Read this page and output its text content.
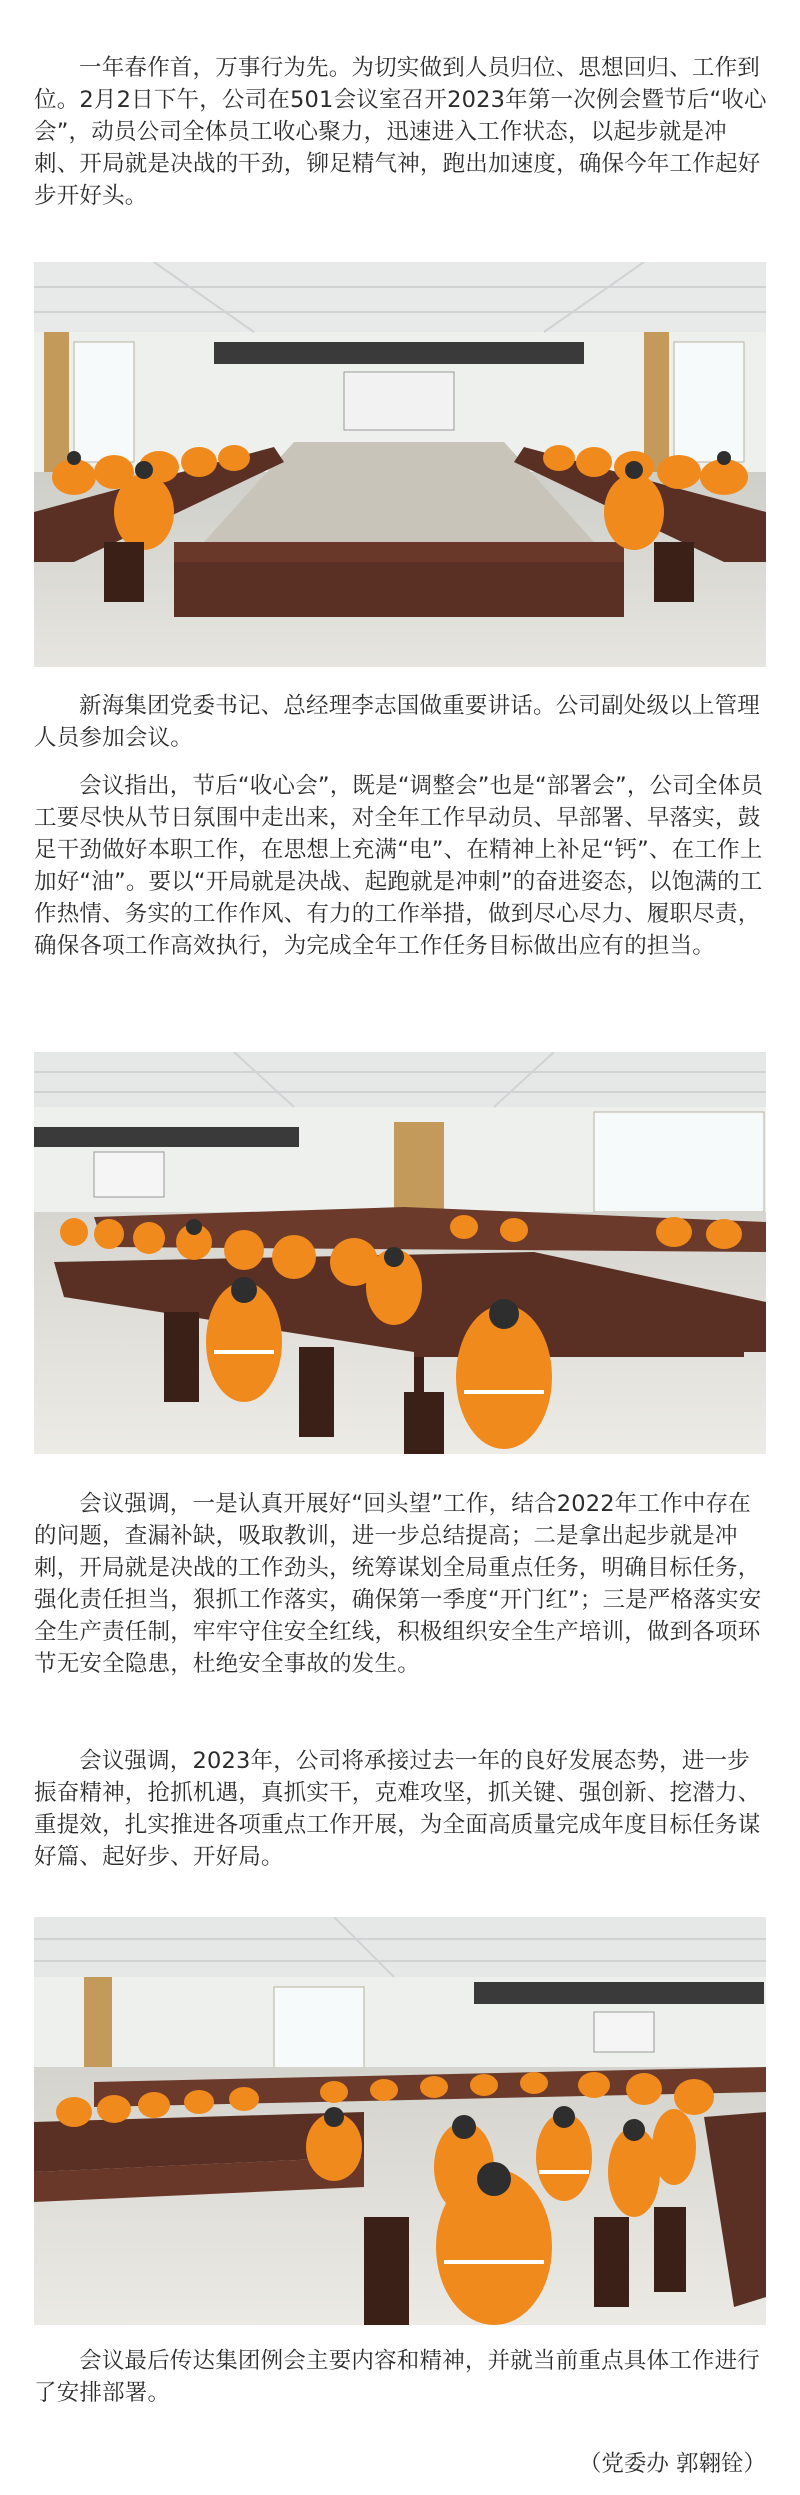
一年春作首，万事行为先。为切实做到人员归位、思想回归、工作到位。2月2日下午，公司在501会议室召开2023年第一次例会暨节后“收心会”，动员公司全体员工收心聚力，迅速进入工作状态，以起步就是冲刺、开局就是决战的干劲，铆足精气神，跑出加速度，确保今年工作起好步开好头。

新海集团党委书记、总经理李志国做重要讲话。公司副处级以上管理人员参加会议。

会议指出，节后“收心会”，既是“调整会”也是“部署会”，公司全体员工要尽快从节日氛围中走出来，对全年工作早动员、早部署、早落实，鼓足干劲做好本职工作，在思想上充满“电”、在精神上补足“钙”、在工作上加好“油”。要以“开局就是决战、起跑就是冲刺”的奋进姿态，以饱满的工作热情、务实的工作作风、有力的工作举措，做到尽心尽力、履职尽责，确保各项工作高效执行，为完成全年工作任务目标做出应有的担当。

会议强调，一是认真开展好“回头望”工作，结合2022年工作中存在的问题，查漏补缺，吸取教训，进一步总结提高；二是拿出起步就是冲刺，开局就是决战的工作劲头，统筹谋划全局重点任务，明确目标任务，强化责任担当，狠抓工作落实，确保第一季度“开门红”；三是严格落实安全生产责任制，牢牢守住安全红线，积极组织安全生产培训，做到各项环节无安全隐患，杜绝安全事故的发生。

会议强调，2023年，公司将承接过去一年的良好发展态势，进一步振奋精神，抢抓机遇，真抓实干，克难攻坚，抓关键、强创新、挖潜力、重提效，扎实推进各项重点工作开展，为全面高质量完成年度目标任务谋好篇、起好步、开好局。

会议最后传达集团例会主要内容和精神，并就当前重点具体工作进行了安排部署。

（党委办 郭翱铨）
